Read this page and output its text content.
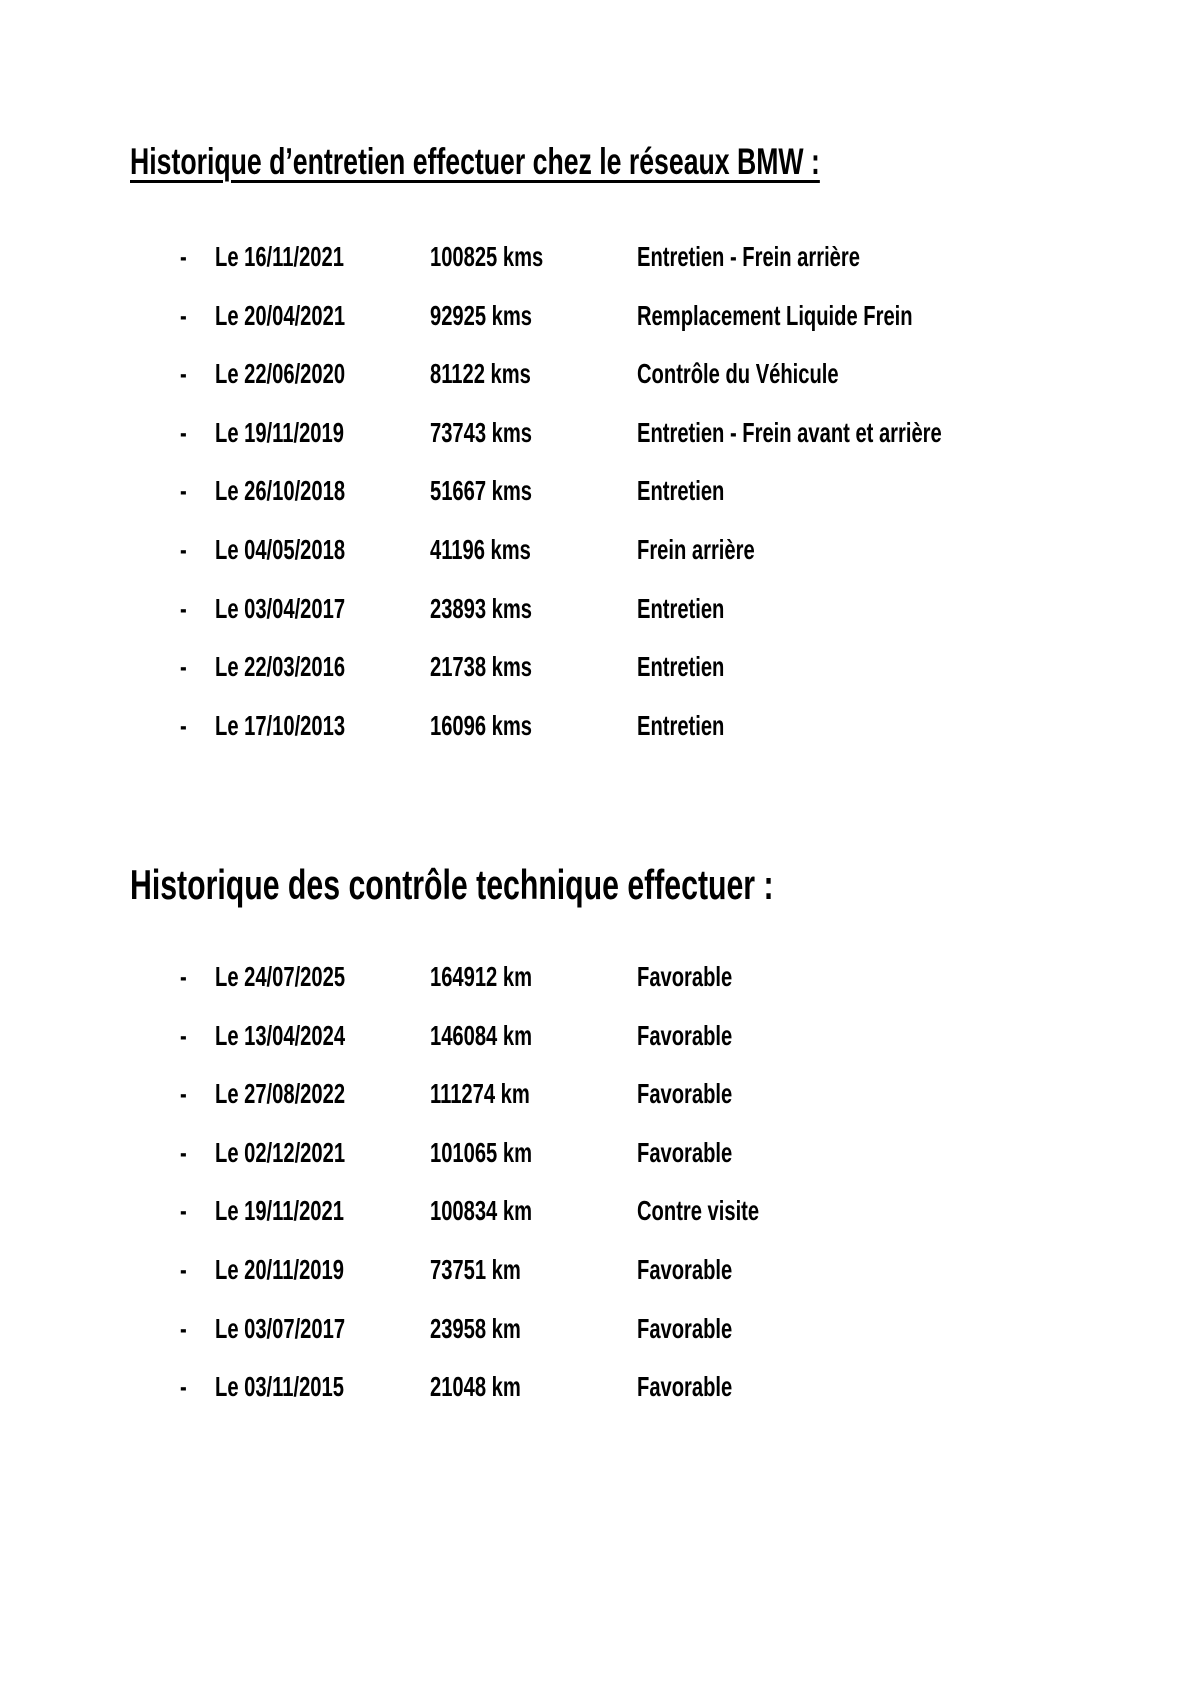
Historique d’entretien effectuer chez le réseaux BMW :
- Le 16/11/2021	100825 kms	Entretien - Frein arrière
- Le 20/04/2021	92925 kms	Remplacement Liquide Frein
- Le 22/06/2020	81122 kms	Contrôle du Véhicule
- Le 19/11/2019	73743 kms	Entretien - Frein avant et arrière
- Le 26/10/2018	51667 kms	Entretien
- Le 04/05/2018	41196 kms	Frein arrière
- Le 03/04/2017	23893 kms	Entretien
- Le 22/03/2016	21738 kms	Entretien
- Le 17/10/2013	16096 kms	Entretien
Historique des contrôle technique effectuer :
- Le 24/07/2025	164912 km	Favorable
- Le 13/04/2024	146084 km	Favorable
- Le 27/08/2022	111274 km	Favorable
- Le 02/12/2021	101065 km	Favorable
- Le 19/11/2021	100834 km	Contre visite
- Le 20/11/2019	73751 km	Favorable
- Le 03/07/2017	23958 km	Favorable
- Le 03/11/2015	21048 km	Favorable
